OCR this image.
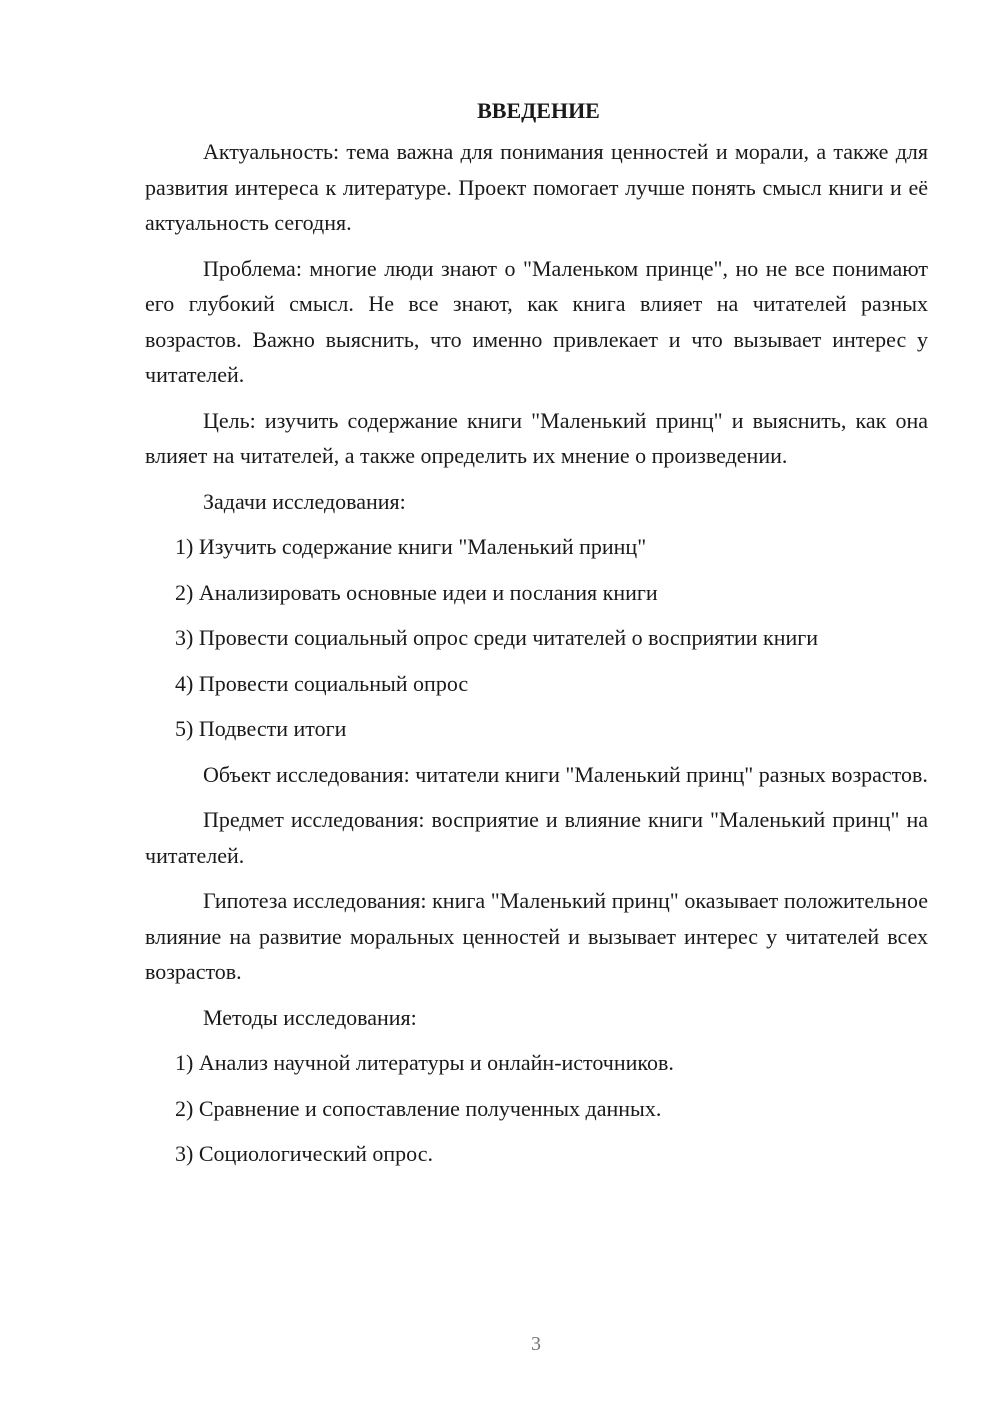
ВВЕДЕНИЕ

Актуальность: тема важна для понимания ценностей и морали, а также для развития интереса к литературе. Проект помогает лучше понять смысл книги и её актуальность сегодня.

Проблема: многие люди знают о "Маленьком принце", но не все понимают его глубокий смысл. Не все знают, как книга влияет на читателей разных возрастов. Важно выяснить, что именно привлекает и что вызывает интерес у читателей.

Цель: изучить содержание книги "Маленький принц" и выяснить, как она влияет на читателей, а также определить их мнение о произведении.

Задачи исследования:

1) Изучить содержание книги "Маленький принц"

2) Анализировать основные идеи и послания книги

3) Провести социальный опрос среди читателей о восприятии книги

4) Провести социальный опрос

5) Подвести итоги

Объект исследования: читатели книги "Маленький принц" разных возрастов.

Предмет исследования: восприятие и влияние книги "Маленький принц" на читателей.

Гипотеза исследования: книга "Маленький принц" оказывает положительное влияние на развитие моральных ценностей и вызывает интерес у читателей всех возрастов.

Методы исследования:

1) Анализ научной литературы и онлайн-источников.

2) Сравнение и сопоставление полученных данных.

3) Социологический опрос.

3
